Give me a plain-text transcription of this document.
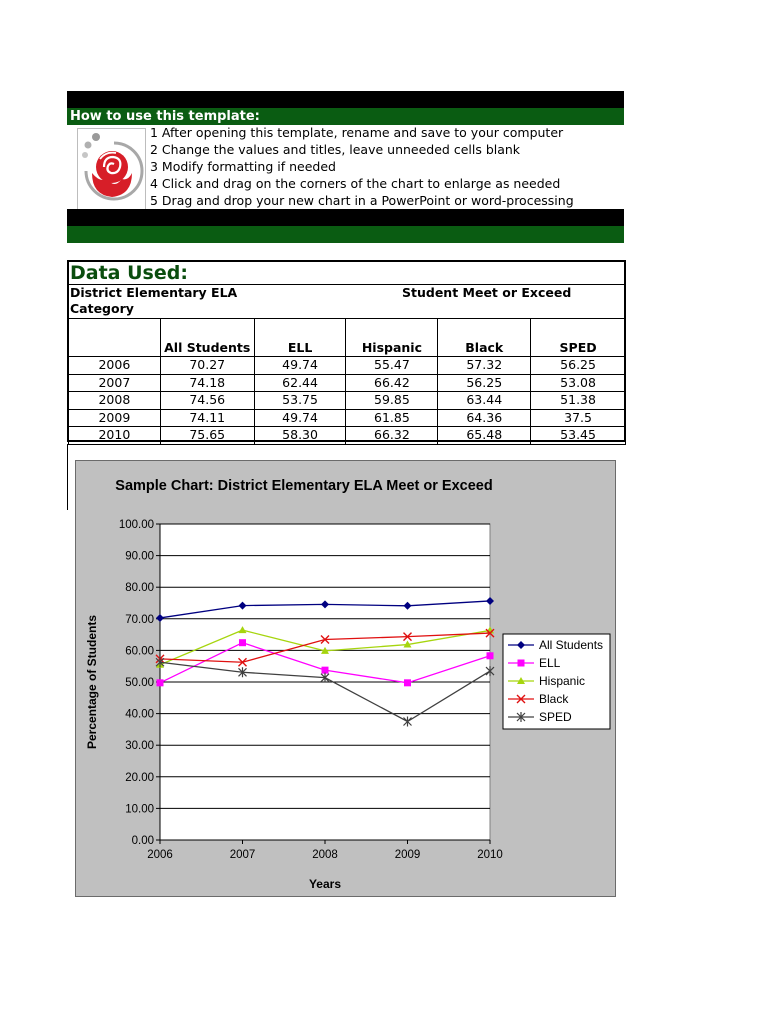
How to use this template:
1 After opening this template, rename and save to your computer
2 Change the values and titles, leave unneeded cells blank
3 Modify formatting if needed
4 Click and drag on the corners of the chart to enlarge as needed
5 Drag and drop your new chart in a PowerPoint or word-processing
Data Used:
District Elementary ELA Category
Student Meet or Exceed
	All Students	ELL	Hispanic	Black	SPED
2006	70.27	49.74	55.47	57.32	56.25
2007	74.18	62.44	66.42	56.25	53.08
2008	74.56	53.75	59.85	63.44	51.38
2009	74.11	49.74	61.85	64.36	37.5
2010	75.65	58.30	66.32	65.48	53.45
Sample Chart: District Elementary ELA Meet or Exceed
0.00
10.00
20.00
30.00
40.00
50.00
60.00
70.00
80.00
90.00
100.00
2006	2007	2008	2009	2010
Years
Percentage of Students	All Students
ELL
Hispanic
Black
SPED
